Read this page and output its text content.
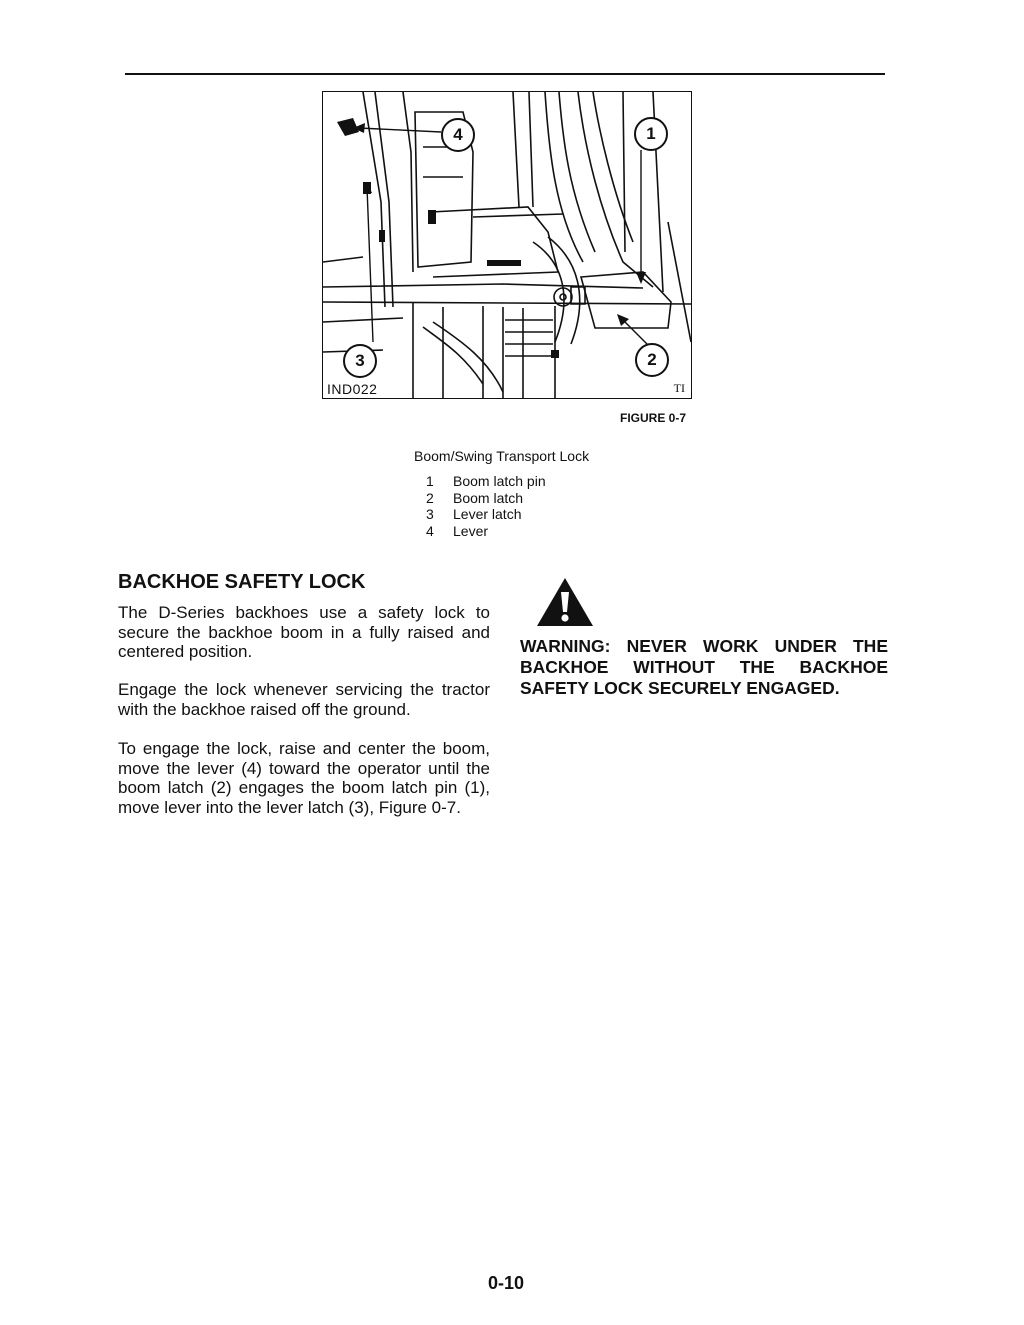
4	1
3	2
IND022	TI
FIGURE 0-7
Boom/Swing Transport Lock
1	Boom latch pin
2	Boom latch
3	Lever latch
4	Lever
BACKHOE SAFETY LOCK

The D-Series backhoes use a safety lock to secure the backhoe boom in a fully raised and centered position.

Engage the lock whenever servicing the tractor with the backhoe raised off the ground.

To engage the lock, raise and center the boom, move the lever (4) toward the operator until the boom latch (2) engages the boom latch pin (1), move lever into the lever latch (3), Figure 0-7.

WARNING: NEVER WORK UNDER THE BACKHOE WITHOUT THE BACKHOE SAFETY LOCK SECURELY ENGAGED.

0-10
